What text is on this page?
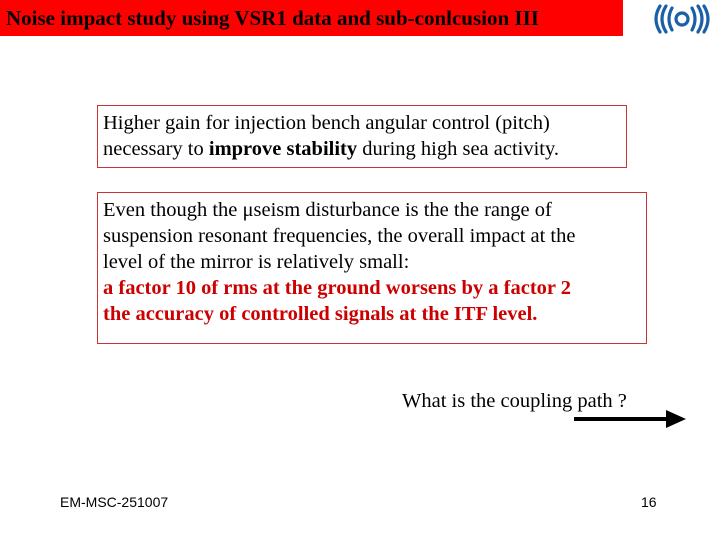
Noise impact study using VSR1 data and sub-conlcusion III
Higher gain for injection bench angular control (pitch)
necessary to improve stability during high sea activity.
Even though the μseism disturbance is the the range of
suspension resonant frequencies, the overall impact at the
level of the mirror is relatively small:
a factor 10 of rms at the ground worsens by a factor 2
the accuracy of controlled signals at the ITF level.
What is the coupling path ?
EM-MSC-251007	16
